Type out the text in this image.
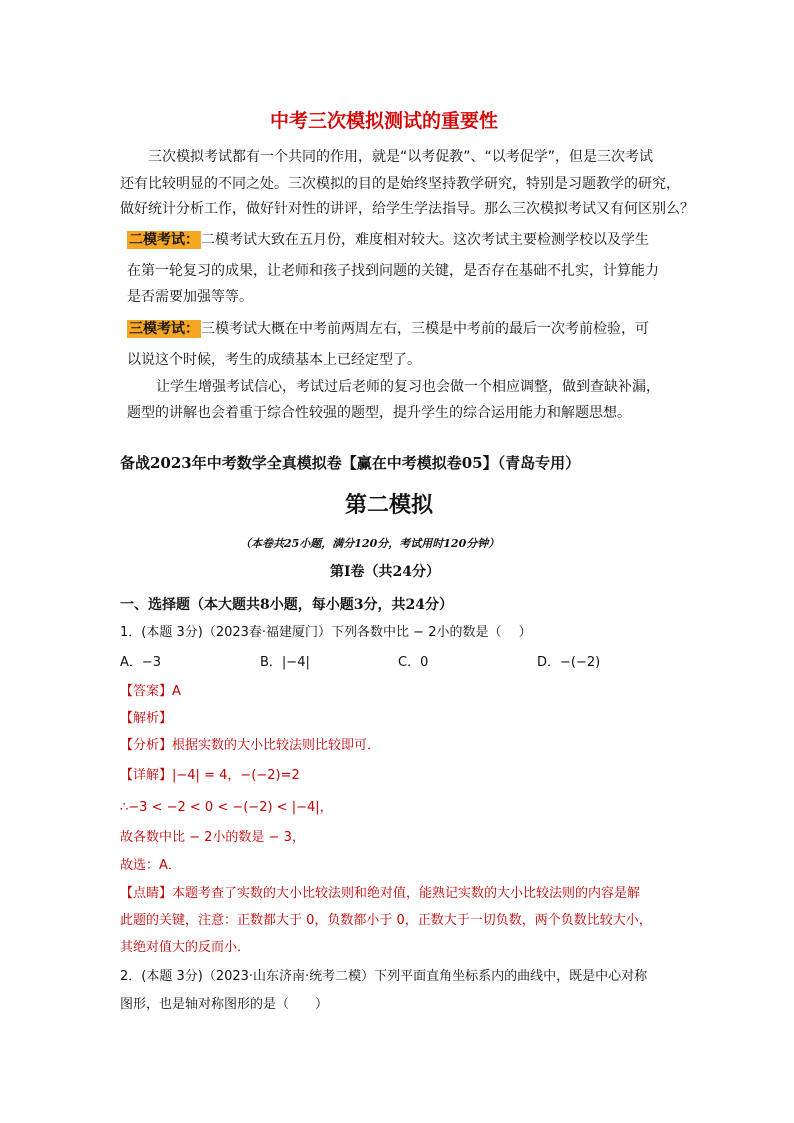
中考三次模拟测试的重要性
三次模拟考试都有一个共同的作用，就是“以考促教”、“以考促学”，但是三次考试
还有比较明显的不同之处。三次模拟的目的是始终坚持教学研究，特别是习题教学的研究，
做好统计分析工作，做好针对性的讲评，给学生学法指导。那么三次模拟考试又有何区别么？
二模考试： 二模考试大致在五月份，难度相对较大。这次考试主要检测学校以及学生
在第一轮复习的成果，让老师和孩子找到问题的关键，是否存在基础不扎实，计算能力
是否需要加强等等。
三模考试： 三模考试大概在中考前两周左右，三模是中考前的最后一次考前检验，可
以说这个时候，考生的成绩基本上已经定型了。
让学生增强考试信心，考试过后老师的复习也会做一个相应调整，做到查缺补漏，
题型的讲解也会着重于综合性较强的题型，提升学生的综合运用能力和解题思想。
备战2023年中考数学全真模拟卷【赢在中考模拟卷05】（青岛专用）
第二模拟
（本卷共25小题，满分120分，考试用时120分钟）
第Ⅰ卷（共24分）
一、选择题（本大题共8小题，每小题3分，共24分）
1．(本题 3分)（2023春·福建厦门）下列各数中比 − 2小的数是（　 ）
A．−3	B．|−4|	C．0	D．−(−2)
【答案】A
【解析】
【分析】根据实数的大小比较法则比较即可．
【详解】|−4| = 4，−(−2)=2
∴−3 < −2 < 0 < −(−2) < |−4|，
故各数中比 − 2小的数是 − 3，
故选：A．
【点睛】本题考查了实数的大小比较法则和绝对值，能熟记实数的大小比较法则的内容是解
此题的关键，注意：正数都大于 0，负数都小于 0，正数大于一切负数，两个负数比较大小，
其绝对值大的反而小．
2．(本题 3分)（2023·山东济南·统考二模）下列平面直角坐标系内的曲线中，既是中心对称
图形，也是轴对称图形的是（　　）
